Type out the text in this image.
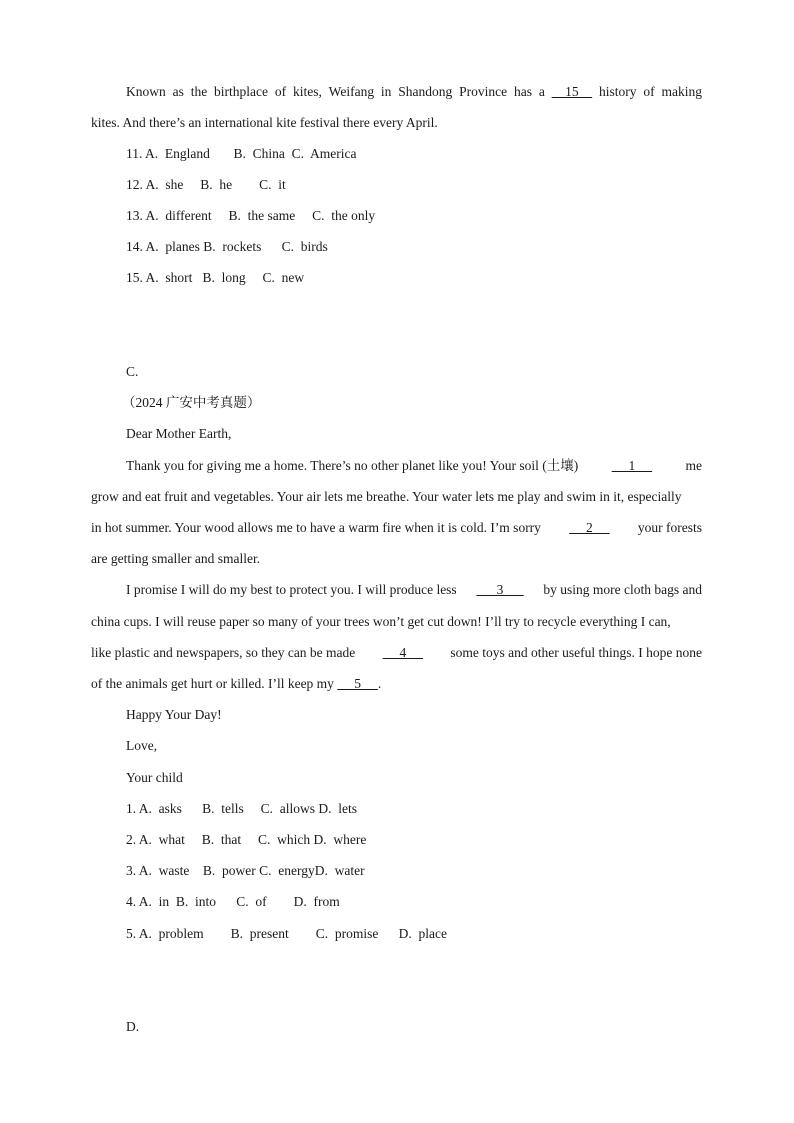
Known as the birthplace of kites, Weifang in Shandong Province has a 15 history of making
kites. And there’s an international kite festival there every April.
11. A.  England       B.  China  C.  America
12. A.  she     B.  he        C.  it
13. A.  different     B.  the same     C.  the only
14. A.  planes B.  rockets      C.  birds
15. A.  short   B.  long     C.  new
C.
（2024 广安中考真题）
Dear Mother Earth,
Thank you for giving me a home. There’s no other planet like you! Your soil (土壤) 1 me
grow and eat fruit and vegetables. Your air lets me breathe. Your water lets me play and swim in it, especially
in hot summer. Your wood allows me to have a warm fire when it is cold. I’m sorry 2 your forests
are getting smaller and smaller.
I promise I will do my best to protect you. I will produce less 3 by using more cloth bags and
china cups. I will reuse paper so many of your trees won’t get cut down! I’ll try to recycle everything I can,
like plastic and newspapers, so they can be made 4 some toys and other useful things. I hope none
of the animals get hurt or killed. I’ll keep my      5     .
Happy Your Day!
Love,
Your child
1. A.  asks      B.  tells     C.  allows D.  lets
2. A.  what     B.  that     C.  which D.  where
3. A.  waste    B.  power C.  energyD.  water
4. A.  in  B.  into      C.  of        D.  from
5. A.  problem        B.  present        C.  promise      D.  place
D.
